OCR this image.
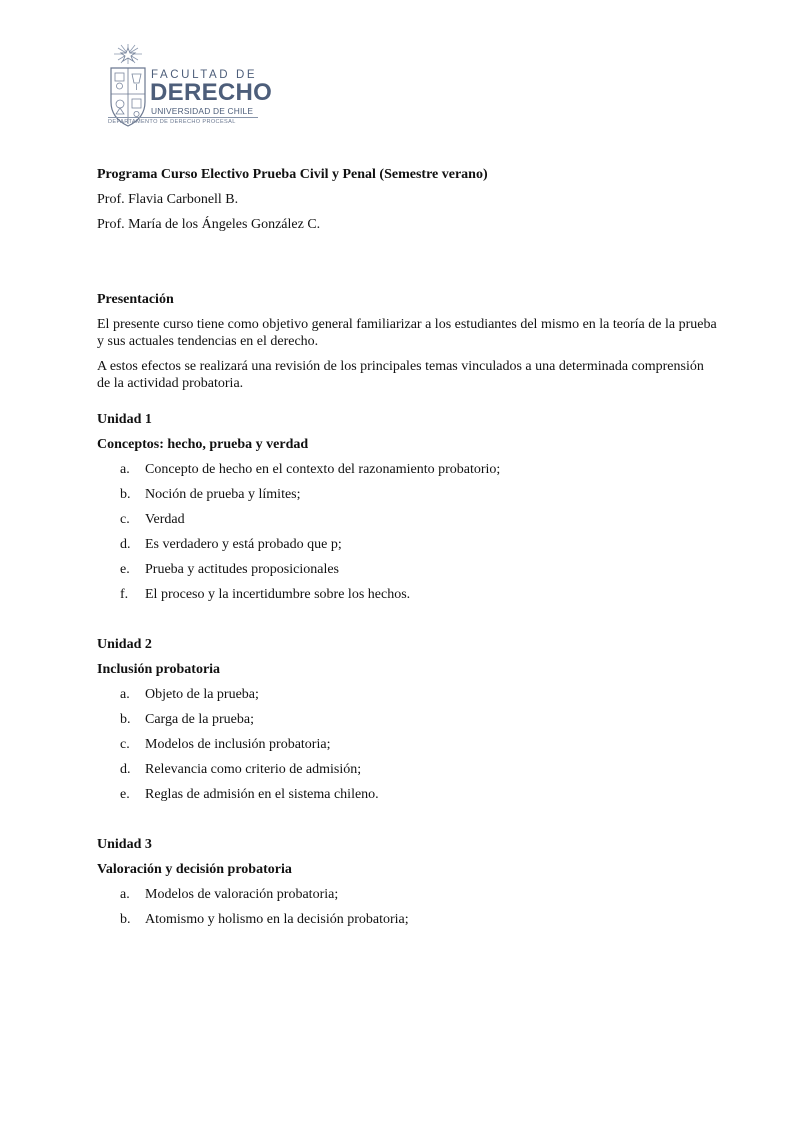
FACULTAD DE
DERECHO
UNIVERSIDAD DE CHILE
DEPARTAMENTO DE DERECHO PROCESAL
Programa Curso Electivo Prueba Civil y Penal (Semestre verano)
Prof. Flavia Carbonell B.
Prof. María de los Ángeles González C.
Presentación
El presente curso tiene como objetivo general familiarizar a los estudiantes del mismo en la teoría de la prueba y sus actuales tendencias en el derecho.
A estos efectos se realizará una revisión de los principales temas vinculados a una determinada comprensión de la actividad probatoria.
Unidad 1
Conceptos: hecho, prueba y verdad
a. Concepto de hecho en el contexto del razonamiento probatorio;
b. Noción de prueba y límites;
c. Verdad
d. Es verdadero y está probado que p;
e. Prueba y actitudes proposicionales
f. El proceso y la incertidumbre sobre los hechos.
Unidad 2
Inclusión probatoria
a. Objeto de la prueba;
b. Carga de la prueba;
c. Modelos de inclusión probatoria;
d. Relevancia como criterio de admisión;
e. Reglas de admisión en el sistema chileno.
Unidad 3
Valoración y decisión probatoria
a. Modelos de valoración probatoria;
b. Atomismo y holismo en la decisión probatoria;
